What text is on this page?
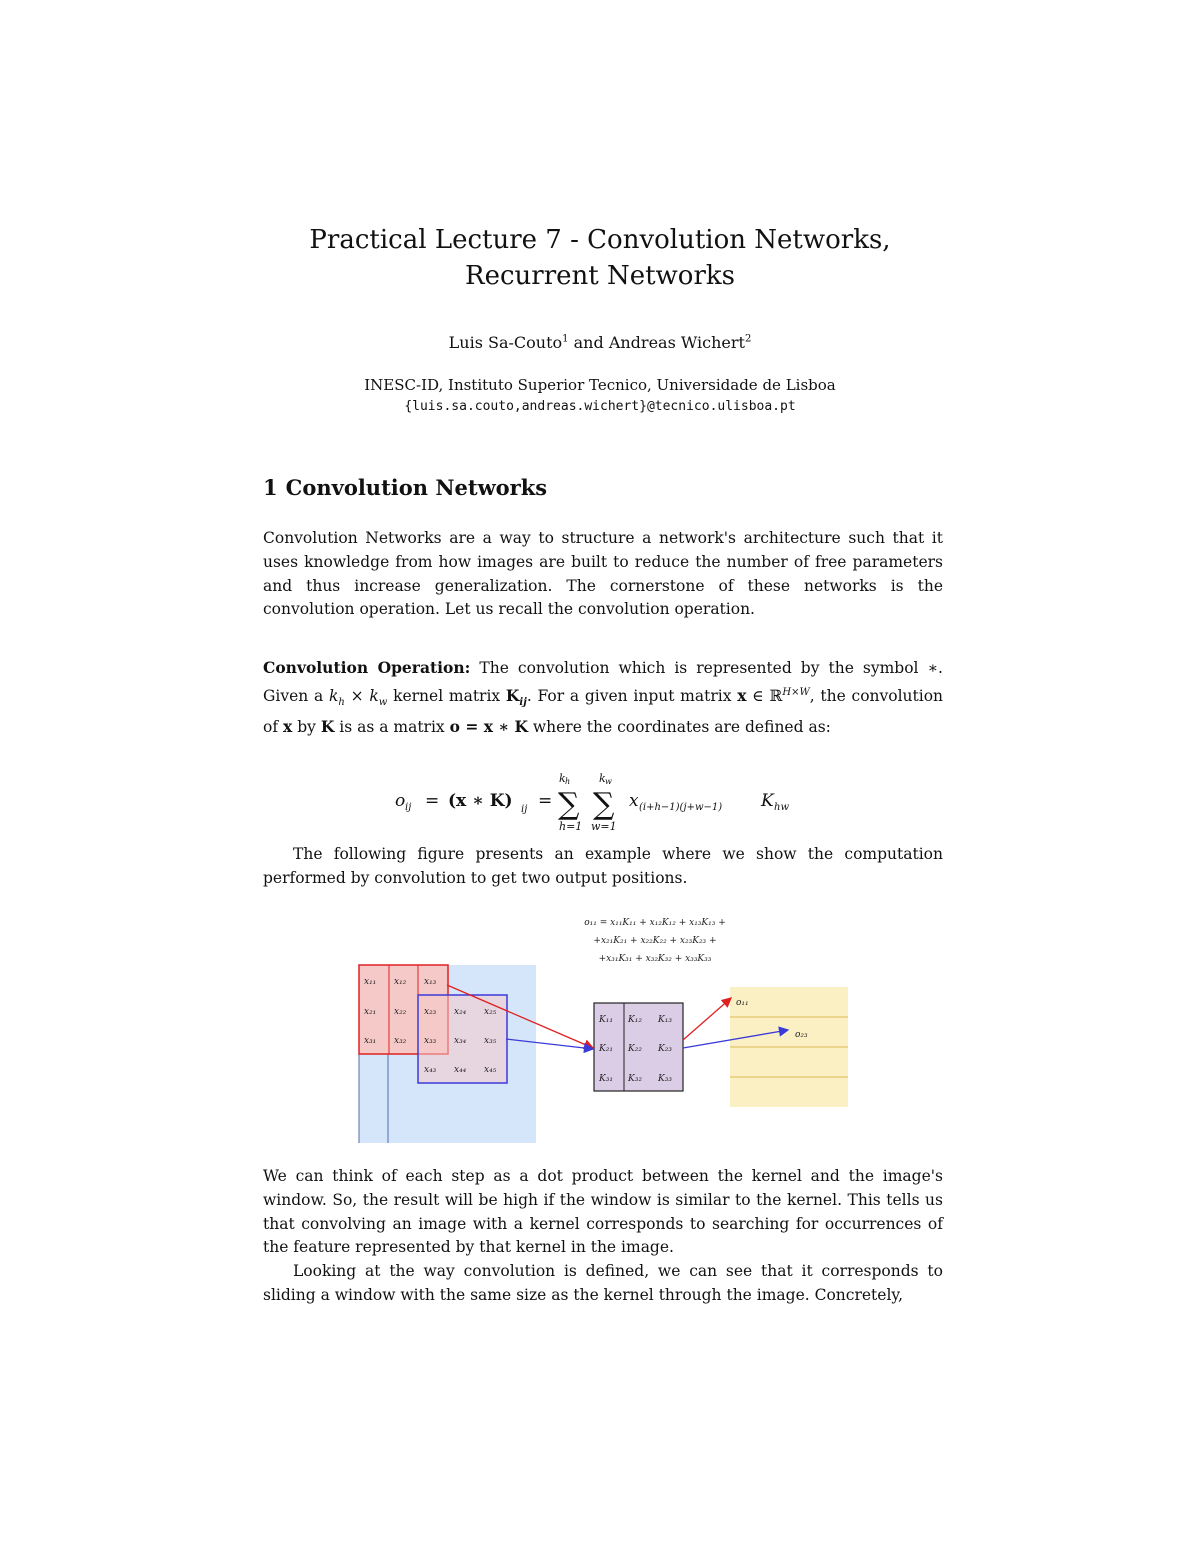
Practical Lecture 7 - Convolution Networks,
Recurrent Networks
Luis Sa-Couto$^1$ and Andreas Wichert$^2$
INESC-ID, Instituto Superior Tecnico, Universidade de Lisboa
{luis.sa.couto,andreas.wichert}@tecnico.ulisboa.pt
1 Convolution Networks
Convolution Networks are a way to structure a network's architecture such that it uses knowledge from how images are built to reduce the number of free parameters and thus increase generalization. The cornerstone of these networks is the convolution operation. Let us recall the convolution operation.
Convolution Operation: The convolution which is represented by the symbol ∗. Given a $k_h \times k_w$ kernel matrix $K_{ij}$. For a given input matrix x ∈ ℝ$^{H\times W}$, the convolution of x by K is as a matrix o = x ∗ K where the coordinates are defined as:
o ij = (x ∗ K) ij =
k h
∑
h=1
k w
∑
w=1
x (i+h−1)(j+w−1) K hw
The following figure presents an example where we show the computation performed by convolution to get two output positions.
o₁₁ = x₁₁K₁₁ + x₁₂K₁₂ + x₁₃K₁₃ +
+x₂₁K₂₁ + x₂₂K₂₂ + x₂₃K₂₃ +
+x₃₁K₃₁ + x₃₂K₃₂ + x₃₃K₃₃
x₁₁ x₁₂ x₁₃
x₂₁ x₂₂ x₂₃ x₂₄ x₂₅
x₃₁ x₃₂ x₃₃ x₃₄ x₃₅
x₄₃ x₄₄ x₄₅
K₁₁ K₁₂ K₁₃
K₂₁ K₂₂ K₂₃
K₃₁ K₃₂ K₃₃
o₁₁
o₂₃
We can think of each step as a dot product between the kernel and the image's window. So, the result will be high if the window is similar to the kernel. This tells us that convolving an image with a kernel corresponds to searching for occurrences of the feature represented by that kernel in the image.
Looking at the way convolution is defined, we can see that it corresponds to sliding a window with the same size as the kernel through the image. Concretely,
